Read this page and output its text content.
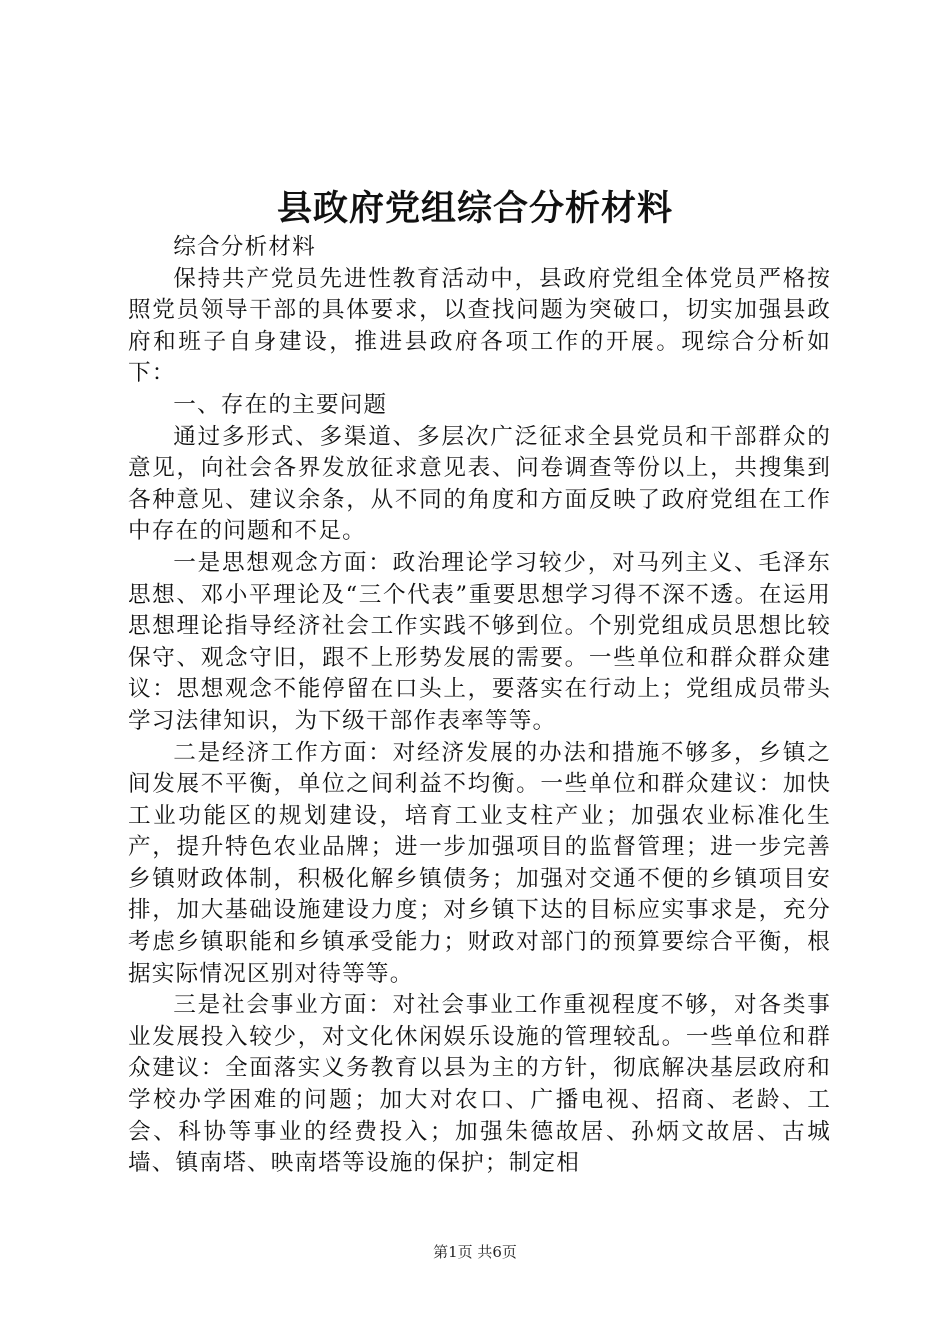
县政府党组综合分析材料

综合分析材料

保持共产党员先进性教育活动中，县政府党组全体党员严格按照党员领导干部的具体要求，以查找问题为突破口，切实加强县政府和班子自身建设，推进县政府各项工作的开展。现综合分析如下：

一、存在的主要问题

通过多形式、多渠道、多层次广泛征求全县党员和干部群众的意见，向社会各界发放征求意见表、问卷调查等份以上，共搜集到各种意见、建议余条，从不同的角度和方面反映了政府党组在工作中存在的问题和不足。

一是思想观念方面：政治理论学习较少，对马列主义、毛泽东思想、邓小平理论及“三个代表”重要思想学习得不深不透。在运用思想理论指导经济社会工作实践不够到位。个别党组成员思想比较保守、观念守旧，跟不上形势发展的需要。一些单位和群众群众建议：思想观念不能停留在口头上，要落实在行动上；党组成员带头学习法律知识，为下级干部作表率等等。

二是经济工作方面：对经济发展的办法和措施不够多，乡镇之间发展不平衡，单位之间利益不均衡。一些单位和群众建议：加快工业功能区的规划建设，培育工业支柱产业；加强农业标准化生产，提升特色农业品牌；进一步加强项目的监督管理；进一步完善乡镇财政体制，积极化解乡镇债务；加强对交通不便的乡镇项目安排，加大基础设施建设力度；对乡镇下达的目标应实事求是，充分考虑乡镇职能和乡镇承受能力；财政对部门的预算要综合平衡，根据实际情况区别对待等等。

三是社会事业方面：对社会事业工作重视程度不够，对各类事业发展投入较少，对文化休闲娱乐设施的管理较乱。一些单位和群众建议：全面落实义务教育以县为主的方针，彻底解决基层政府和学校办学困难的问题；加大对农口、广播电视、招商、老龄、工会、科协等事业的经费投入；加强朱德故居、孙炳文故居、古城墙、镇南塔、映南塔等设施的保护；制定相

第1页 共6页
